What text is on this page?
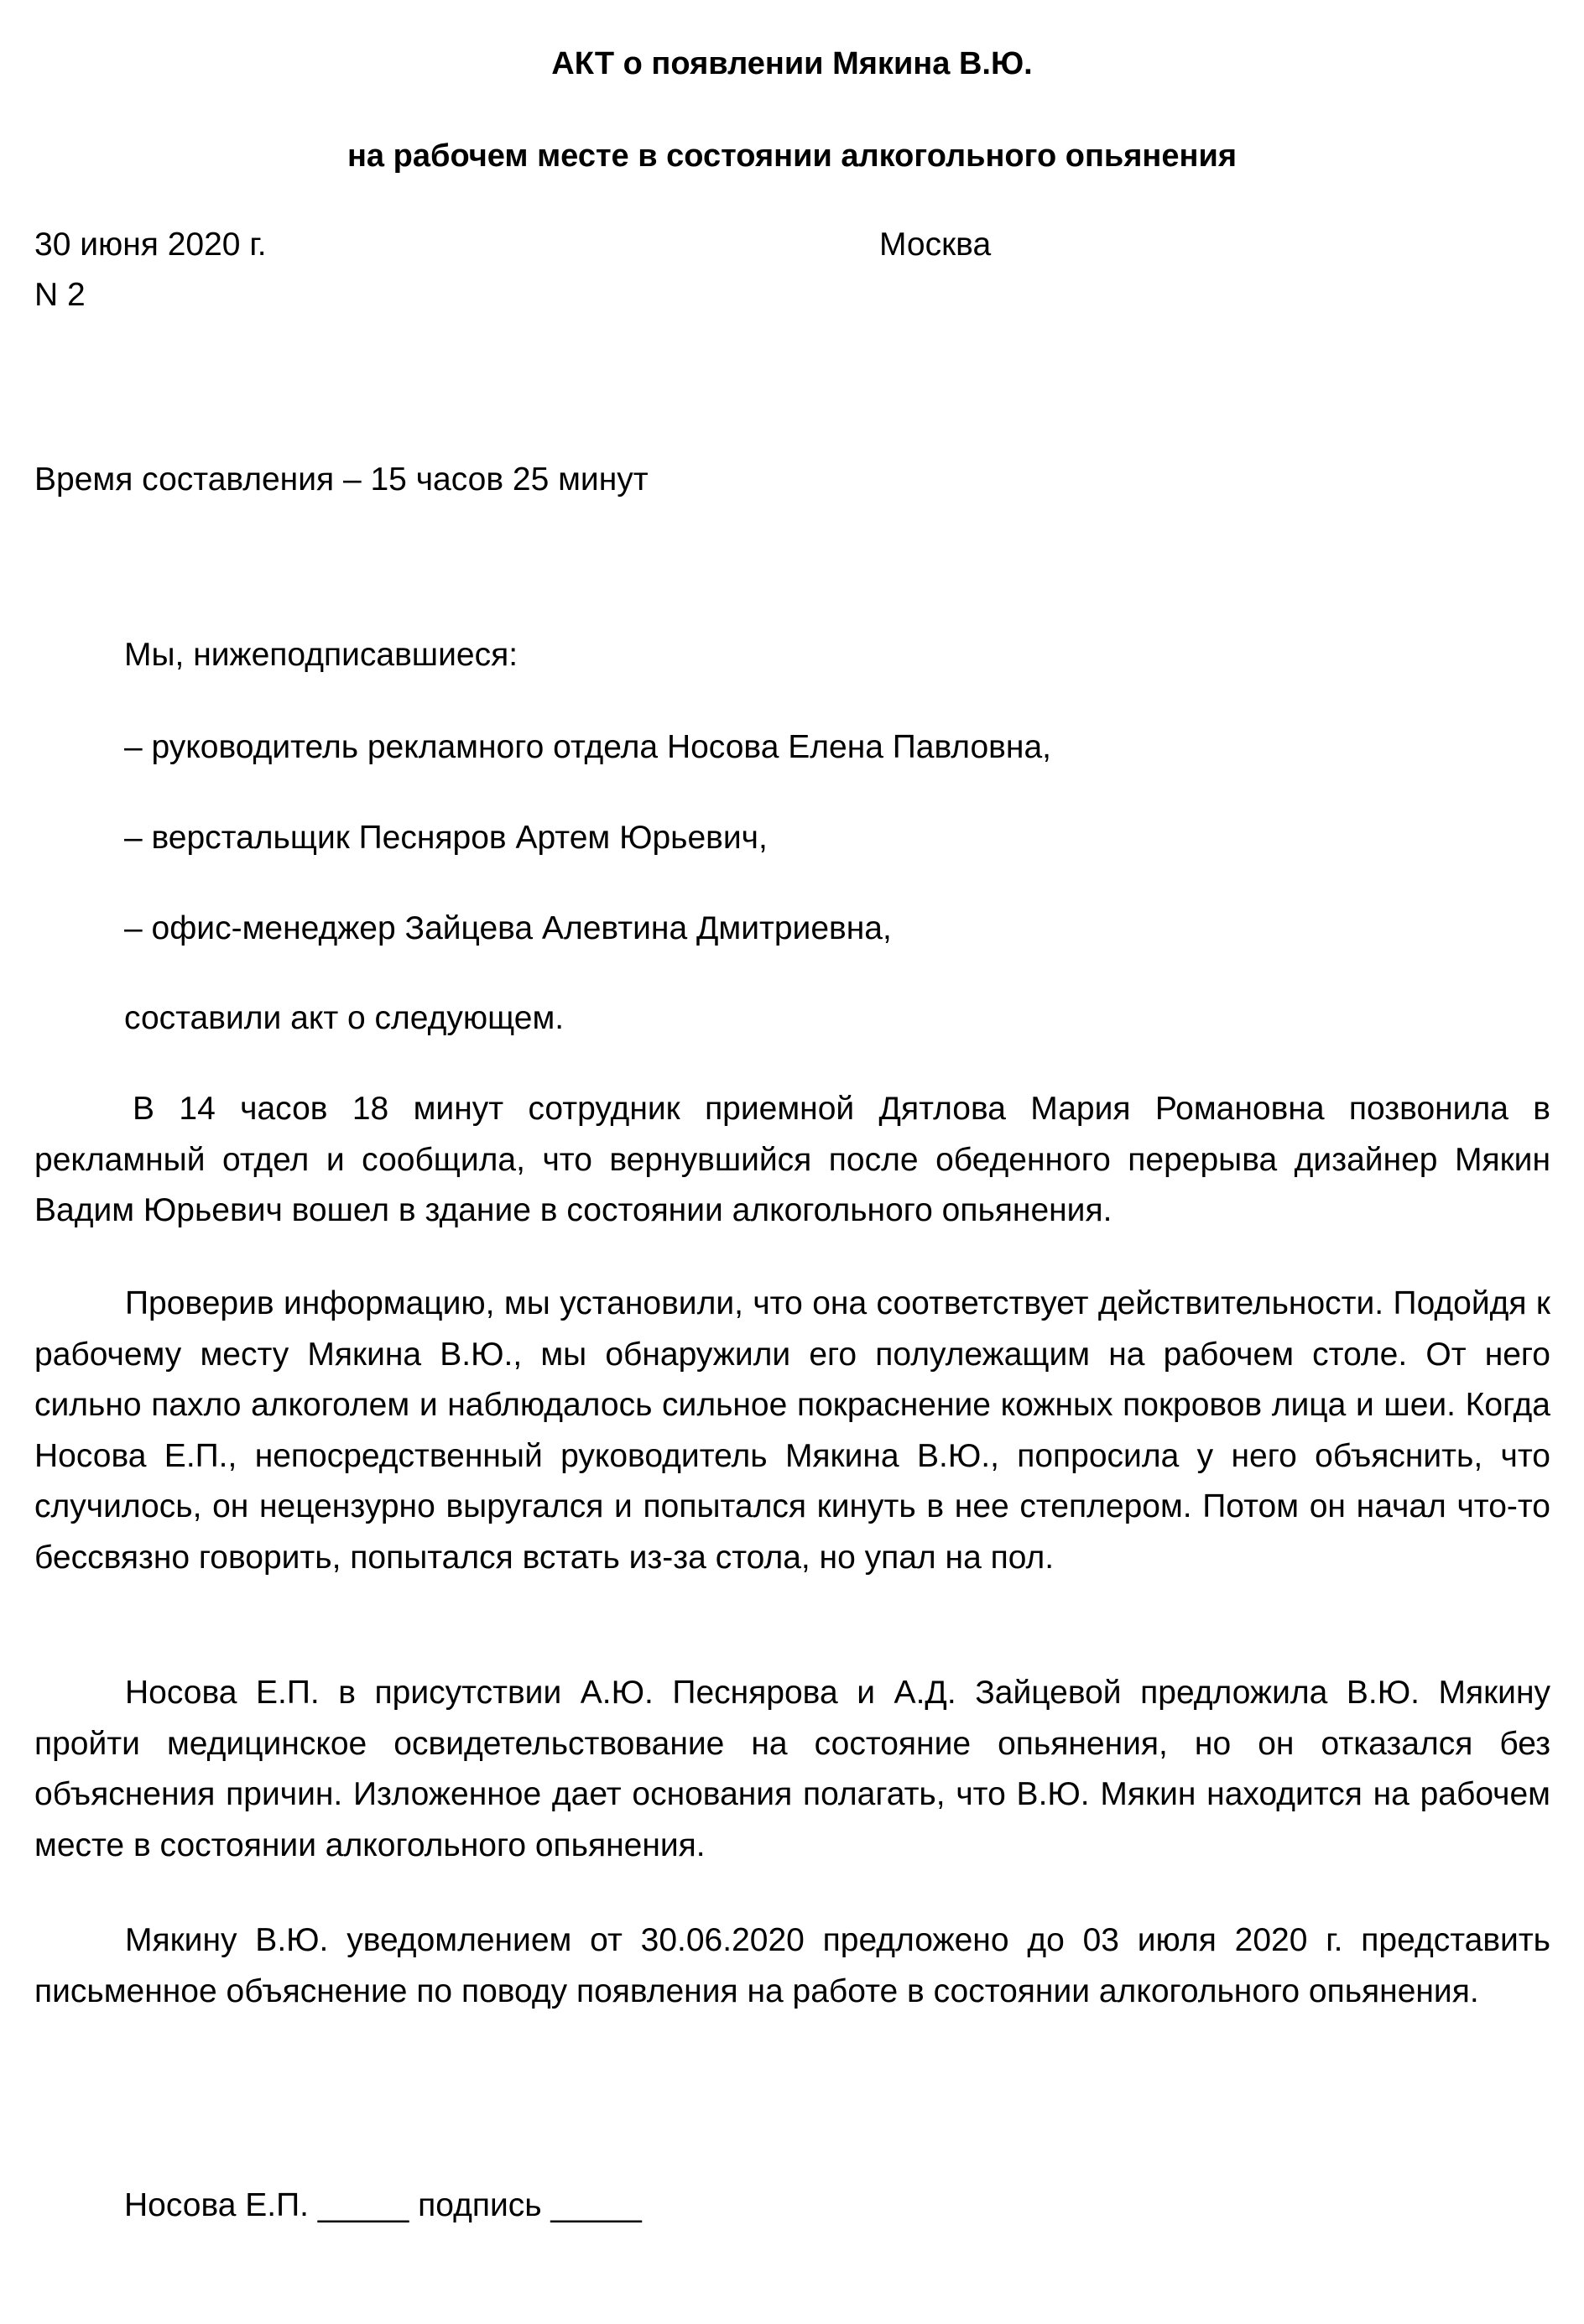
АКТ о появлении Мякина В.Ю.
на рабочем месте в состоянии алкогольного опьянения
30 июня 2020 г.	Москва
N 2
Время составления – 15 часов 25 минут
Мы, нижеподписавшиеся:
– руководитель рекламного отдела Носова Елена Павловна,
– верстальщик Песняров Артем Юрьевич,
– офис-менеджер Зайцева Алевтина Дмитриевна,
составили акт о следующем.

В 14 часов 18 минут сотрудник приемной Дятлова Мария Романовна позвонила в рекламный отдел и сообщила, что вернувшийся после обеденного перерыва дизайнер Мякин Вадим Юрьевич вошел в здание в состоянии алкогольного опьянения.

Проверив информацию, мы установили, что она соответствует действительности. Подойдя к рабочему месту Мякина В.Ю., мы обнаружили его полулежащим на рабочем столе. От него сильно пахло алкоголем и наблюдалось сильное покраснение кожных покровов лица и шеи. Когда Носова Е.П., непосредственный руководитель Мякина В.Ю., попросила у него объяснить, что случилось, он нецензурно выругался и попытался кинуть в нее степлером. Потом он начал что-то бессвязно говорить, попытался встать из-за стола, но упал на пол.

Носова Е.П. в присутствии А.Ю. Песнярова и А.Д. Зайцевой предложила В.Ю. Мякину пройти медицинское освидетельствование на состояние опьянения, но он отказался без объяснения причин. Изложенное дает основания полагать, что В.Ю. Мякин находится на рабочем месте в состоянии алкогольного опьянения.

Мякину В.Ю. уведомлением от 30.06.2020 предложено до 03 июля 2020 г. представить письменное объяснение по поводу появления на работе в состоянии алкогольного опьянения.

Носова Е.П. _____ подпись _____
